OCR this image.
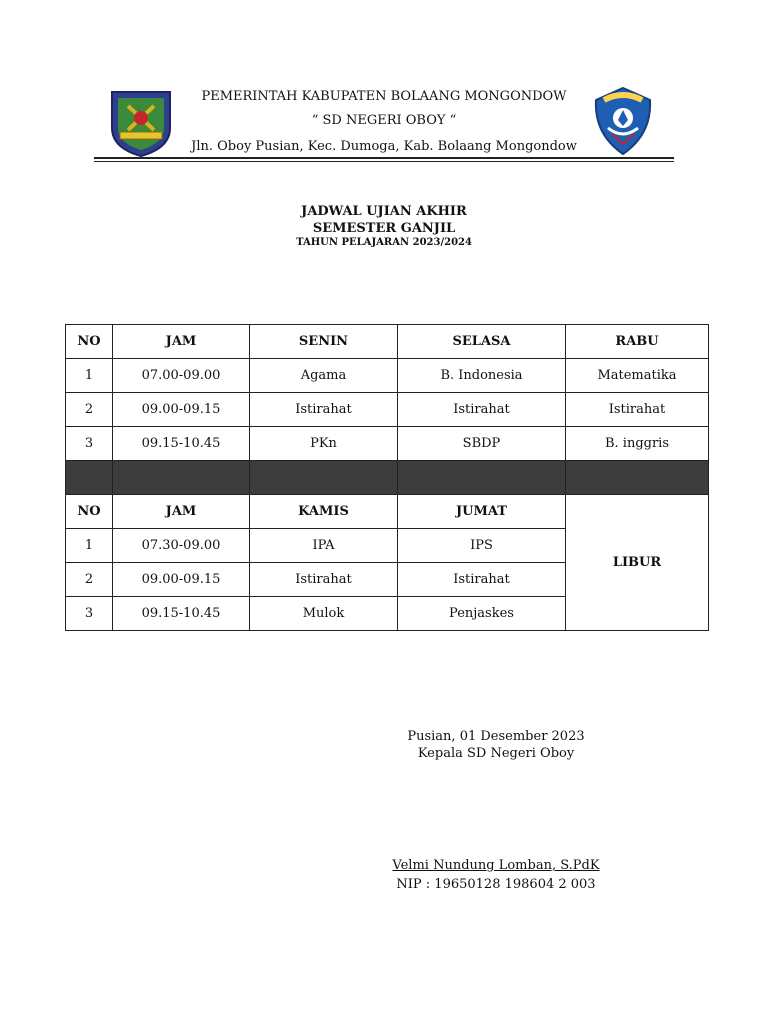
PEMERINTAH KABUPATEN BOLAANG MONGONDOW
“ SD NEGERI OBOY “
Jln. Oboy Pusian, Kec. Dumoga, Kab. Bolaang Mongondow
JADWAL UJIAN AKHIR
SEMESTER GANJIL
TAHUN PELAJARAN 2023/2024
NO	JAM	SENIN	SELASA	RABU
1	07.00-09.00	Agama	B. Indonesia	Matematika
2	09.00-09.15	Istirahat	Istirahat	Istirahat
3	09.15-10.45	PKn	SBDP	B. inggris

NO	JAM	KAMIS	JUMAT	LIBUR
1	07.30-09.00	IPA	IPS	
2	09.00-09.15	Istirahat	Istirahat	
3	09.15-10.45	Mulok	Penjaskes	
Pusian, 01 Desember 2023
Kepala SD Negeri Oboy
Velmi Nundung Lomban, S.PdK
NIP : 19650128 198604 2 003
